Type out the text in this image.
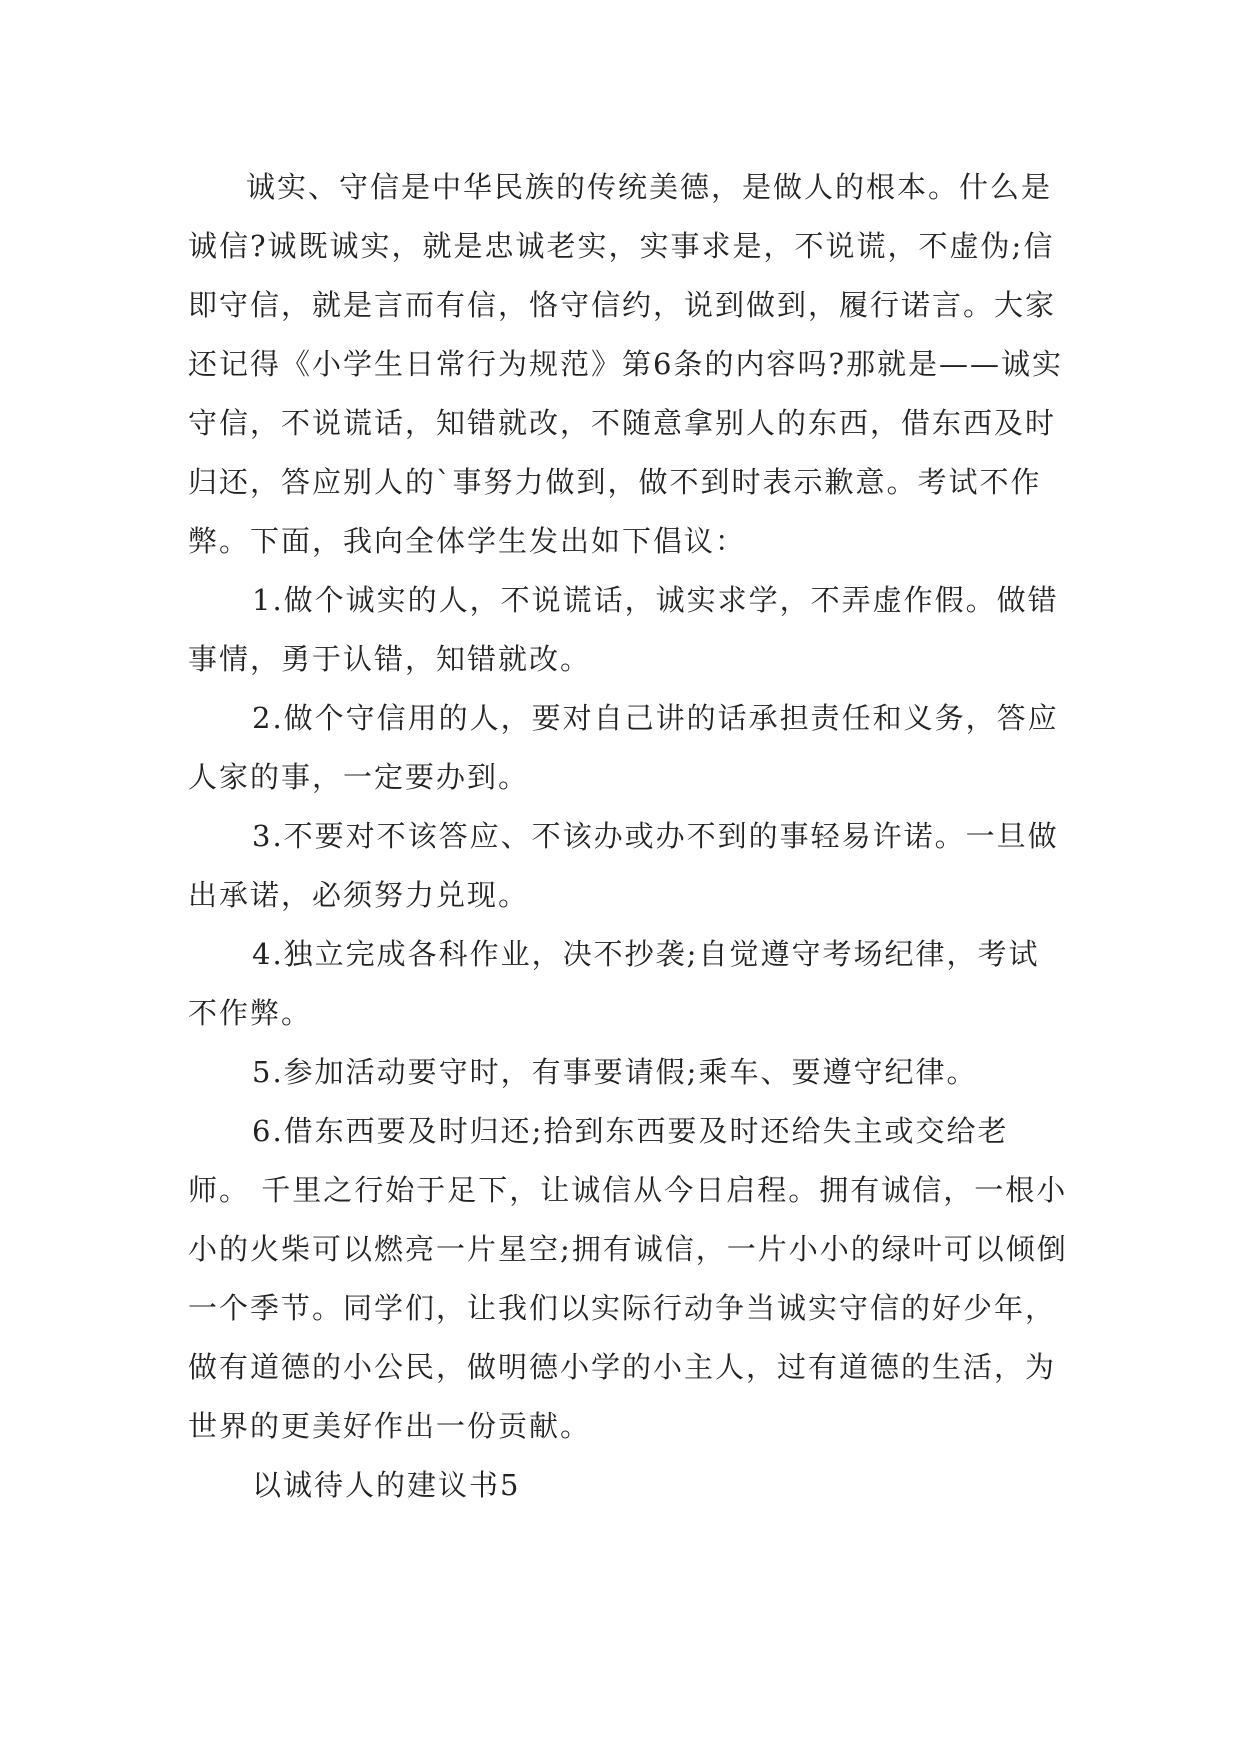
诚实、守信是中华民族的传统美德，是做人的根本。什么是诚信?诚既诚实，就是忠诚老实，实事求是，不说谎，不虚伪;信即守信，就是言而有信，恪守信约，说到做到，履行诺言。大家还记得《小学生日常行为规范》第6条的内容吗?那就是——诚实守信，不说谎话，知错就改，不随意拿别人的东西，借东西及时归还，答应别人的`事努力做到，做不到时表示歉意。考试不作弊。下面，我向全体学生发出如下倡议：

1.做个诚实的人，不说谎话，诚实求学，不弄虚作假。做错事情，勇于认错，知错就改。

2.做个守信用的人，要对自己讲的话承担责任和义务，答应人家的事，一定要办到。

3.不要对不该答应、不该办或办不到的事轻易许诺。一旦做出承诺，必须努力兑现。

4.独立完成各科作业，决不抄袭;自觉遵守考场纪律，考试不作弊。

5.参加活动要守时，有事要请假;乘车、要遵守纪律。

6.借东西要及时归还;拾到东西要及时还给失主或交给老师。 千里之行始于足下，让诚信从今日启程。拥有诚信，一根小小的火柴可以燃亮一片星空;拥有诚信，一片小小的绿叶可以倾倒一个季节。同学们，让我们以实际行动争当诚实守信的好少年，做有道德的小公民，做明德小学的小主人，过有道德的生活，为世界的更美好作出一份贡献。

以诚待人的建议书5
